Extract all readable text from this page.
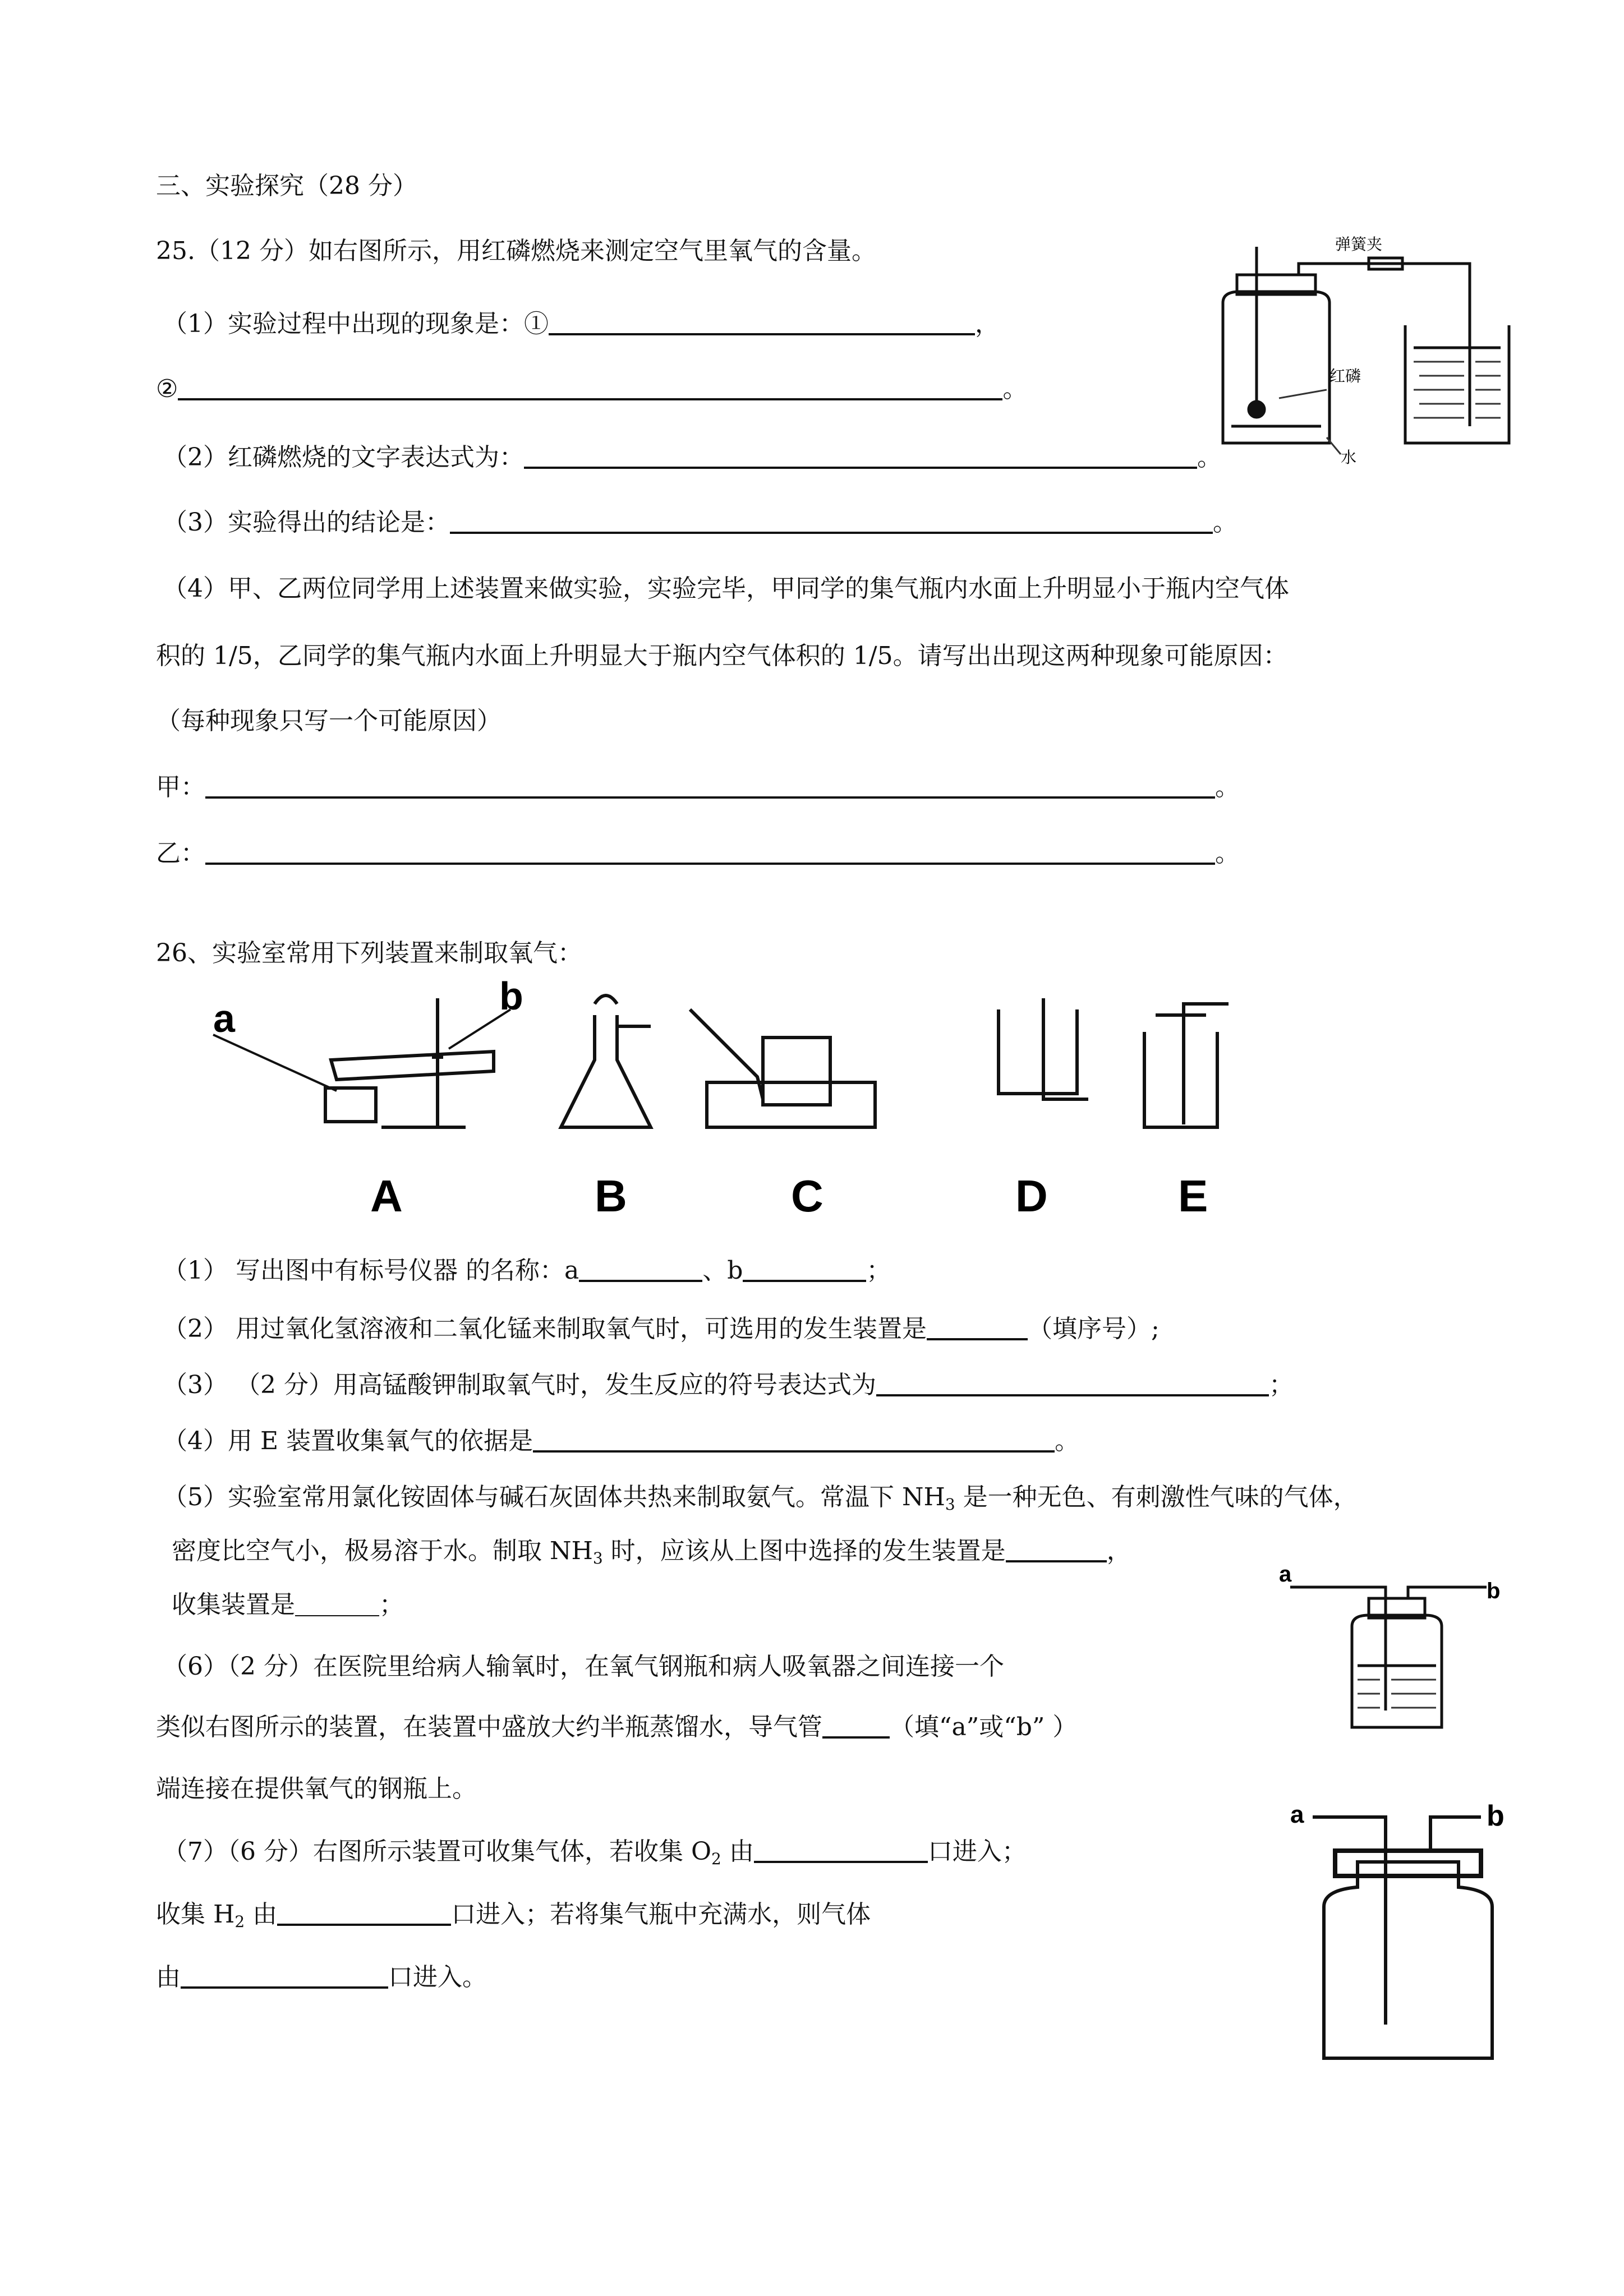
三、实验探究（28 分）
25.（12 分）如右图所示，用红磷燃烧来测定空气里氧气的含量。
（1）实验过程中出现的现象是：①	，
②	。
（2）红磷燃烧的文字表达式为：	。
（3）实验得出的结论是：	。
（4）甲、乙两位同学用上述装置来做实验，实验完毕，甲同学的集气瓶内水面上升明显小于瓶内空气体
积的 1/5，乙同学的集气瓶内水面上升明显大于瓶内空气体积的 1/5。请写出出现这两种现象可能原因：
（每种现象只写一个可能原因）
甲：	。
乙：	。
弹簧夹
红磷
水
26、实验室常用下列装置来制取氧气：
a
b
A	B	C	D	E
（1） 写出图中有标号仪器 的名称：a	、b	；
（2） 用过氧化氢溶液和二氧化锰来制取氧气时，可选用的发生装置是	（填序号）;
（3） （2 分）用高锰酸钾制取氧气时，发生反应的符号表达式为	；
（4）用 E 装置收集氧气的依据是	。
（5）实验室常用氯化铵固体与碱石灰固体共热来制取氨气。常温下 $NH_3$ 是一种无色、有刺激性气味的气体，
密度比空气小，极易溶于水。制取 $NH_3$ 时，应该从上图中选择的发生装置是	，
收集装置是	；
（6）（2 分）在医院里给病人输氧时，在氧气钢瓶和病人吸氧器之间连接一个
类似右图所示的装置，在装置中盛放大约半瓶蒸馏水，导气管	（填“a”或“b” ）
端连接在提供氧气的钢瓶上。
（7）（6 分）右图所示装置可收集气体，若收集 $O_2$ 由	口进入；
收集 $H_2$ 由	口进入；若将集气瓶中充满水，则气体
由	口进入。
a
b
a	b
